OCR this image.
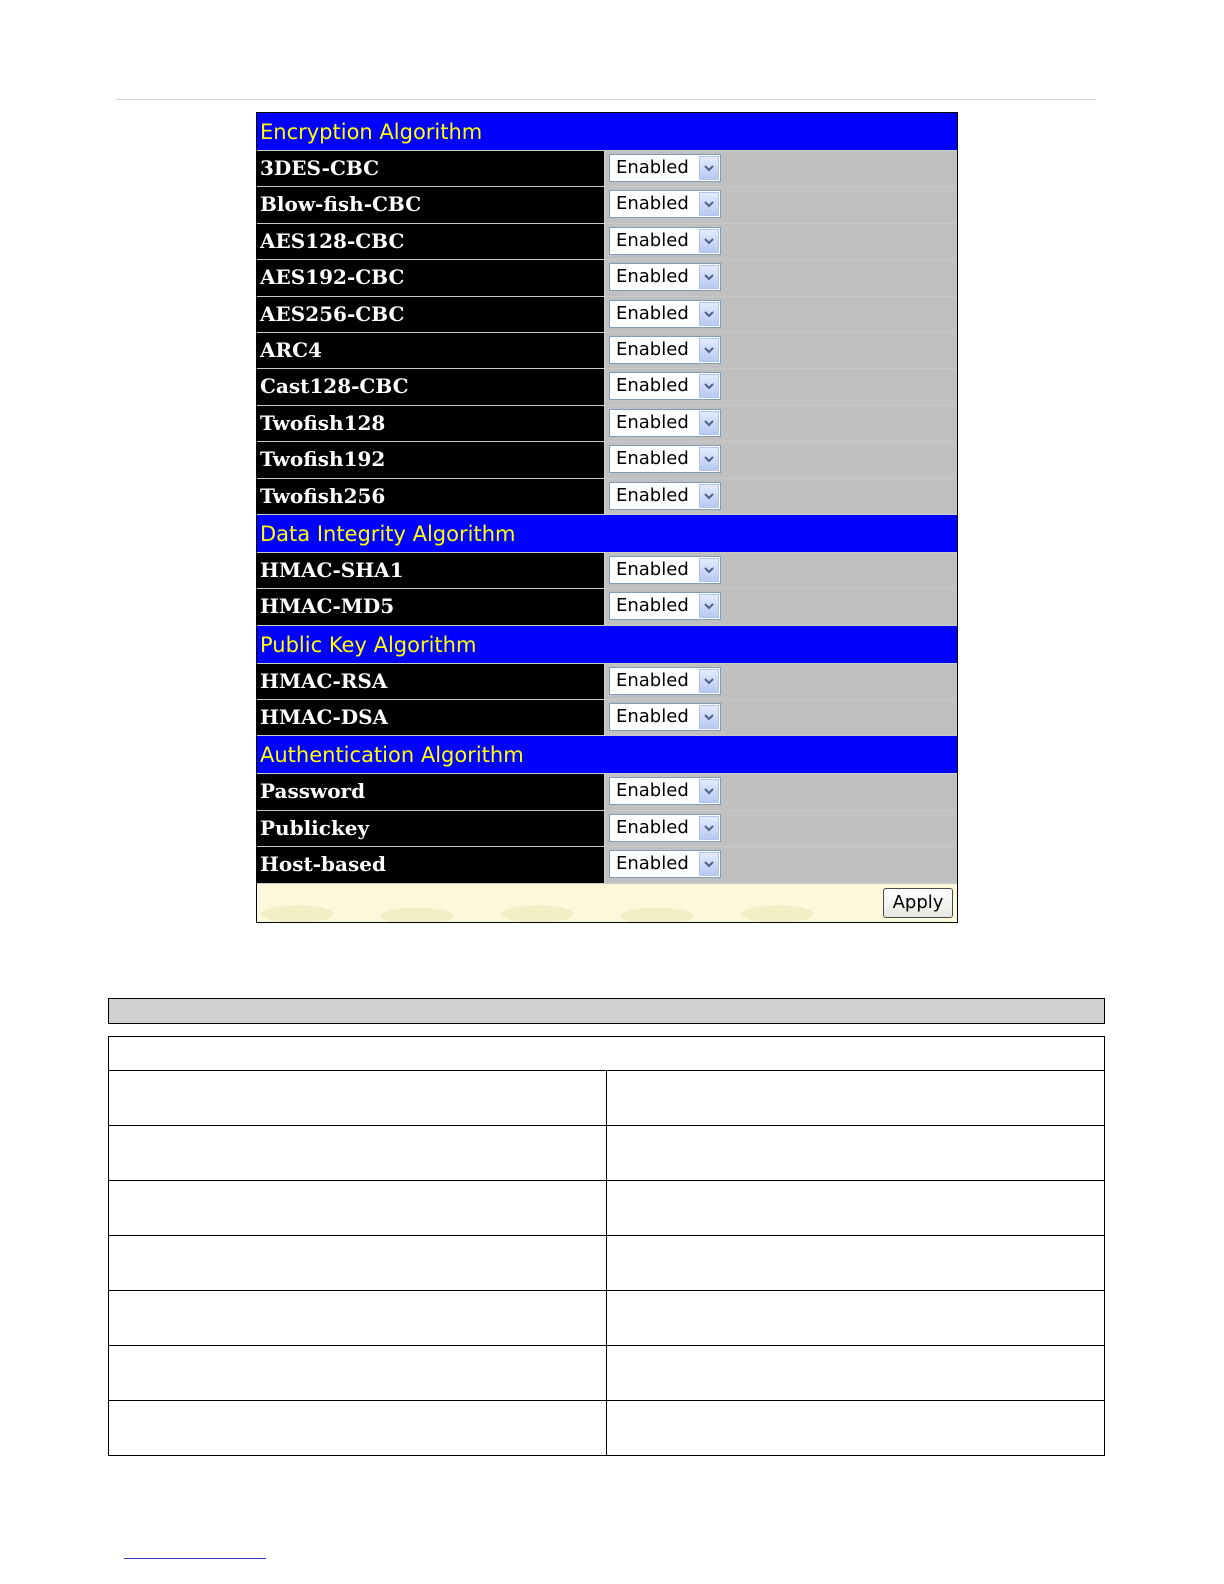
Encryption Algorithm
3DES-CBC	Enabled
Blow-fish-CBC	Enabled
AES128-CBC	Enabled
AES192-CBC	Enabled
AES256-CBC	Enabled
ARC4	Enabled
Cast128-CBC	Enabled
Twofish128	Enabled
Twofish192	Enabled
Twofish256	Enabled
Data Integrity Algorithm
HMAC-SHA1	Enabled
HMAC-MD5	Enabled
Public Key Algorithm
HMAC-RSA	Enabled
HMAC-DSA	Enabled
Authentication Algorithm
Password	Enabled
Publickey	Enabled
Host-based	Enabled
Apply
